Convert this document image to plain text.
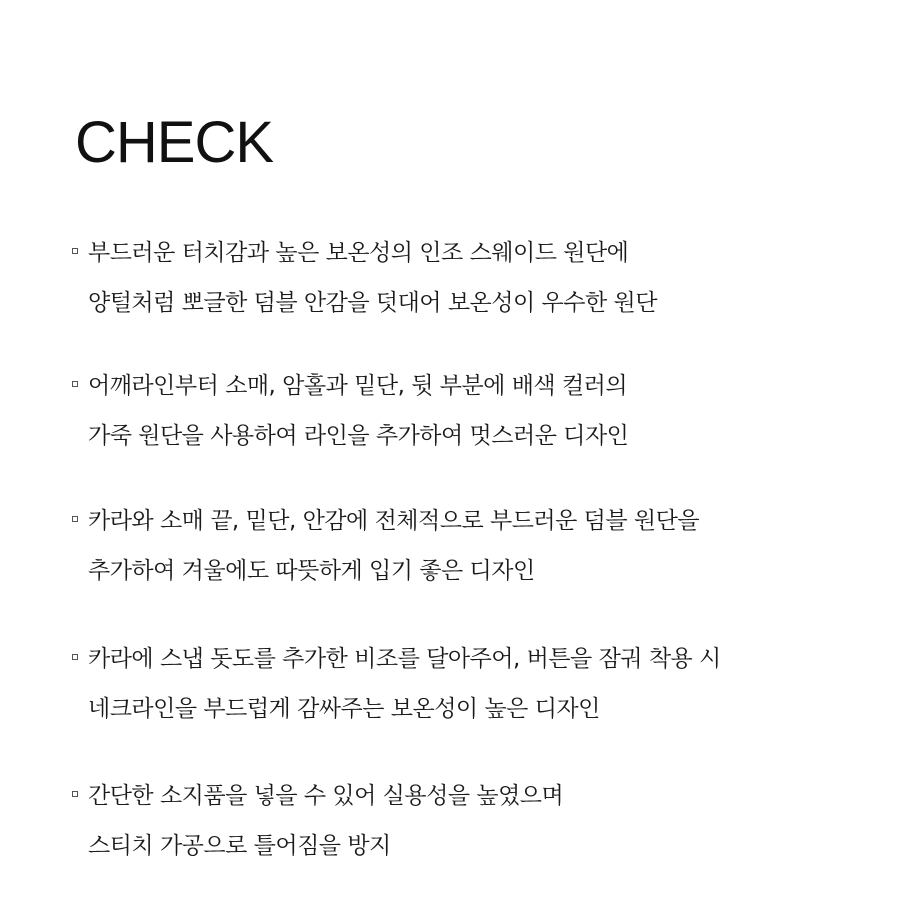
CHECK
부드러운 터치감과 높은 보온성의 인조 스웨이드 원단에
양털처럼 뽀글한 덤블 안감을 덧대어 보온성이 우수한 원단
어깨라인부터 소매, 암홀과 밑단, 뒷 부분에 배색 컬러의
가죽 원단을 사용하여 라인을 추가하여 멋스러운 디자인
카라와 소매 끝, 밑단, 안감에 전체적으로 부드러운 덤블 원단을
추가하여 겨울에도 따뜻하게 입기 좋은 디자인
카라에 스냅 돗도를 추가한 비조를 달아주어, 버튼을 잠궈 착용 시
네크라인을 부드럽게 감싸주는 보온성이 높은 디자인
간단한 소지품을 넣을 수 있어 실용성을 높였으며
스티치 가공으로 틀어짐을 방지
